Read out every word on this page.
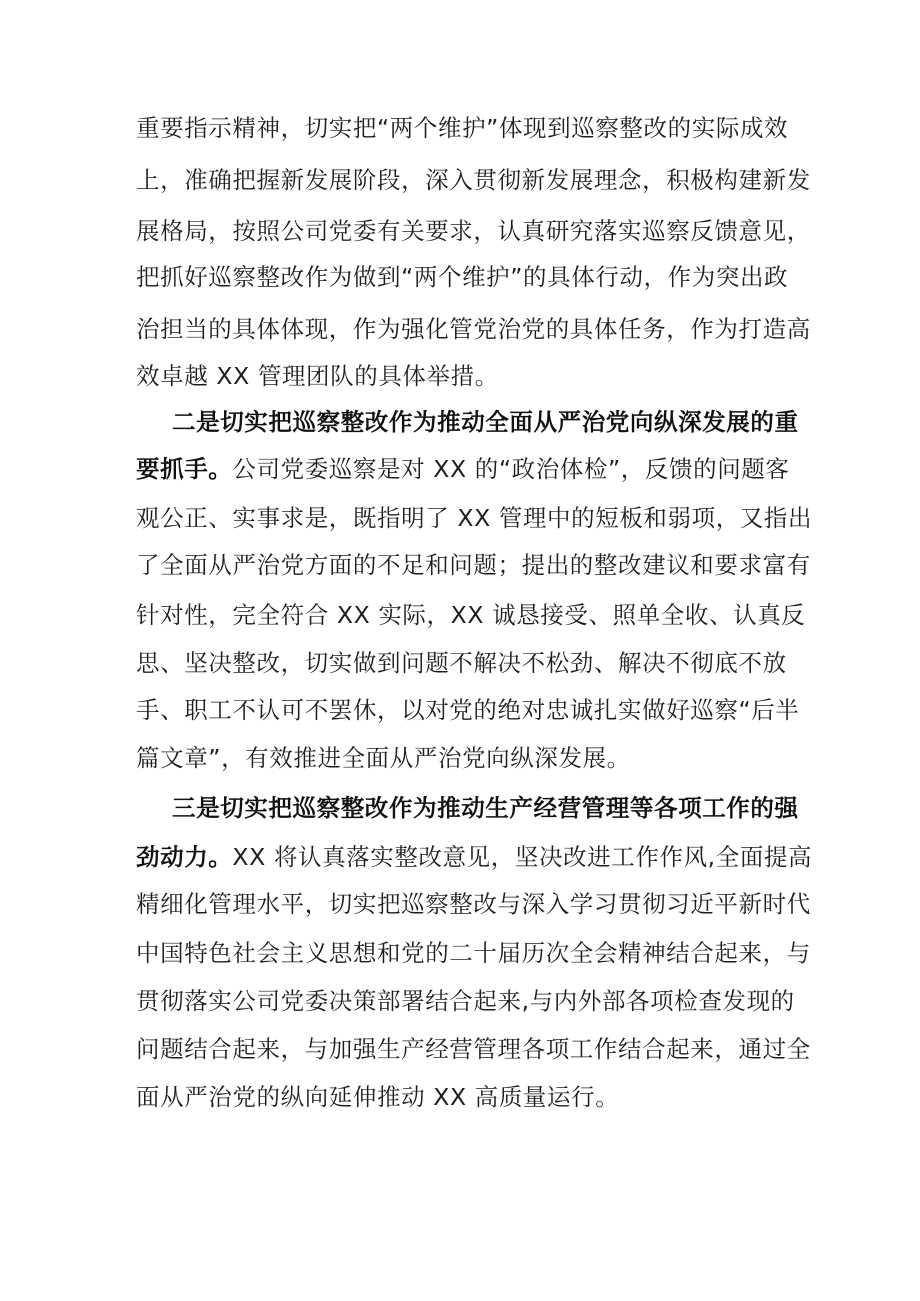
重要指示精神，切实把“两个维护”体现到巡察整改的实际成效
上，准确把握新发展阶段，深入贯彻新发展理念，积极构建新发
展格局，按照公司党委有关要求，认真研究落实巡察反馈意见，
把抓好巡察整改作为做到“两个维护”的具体行动，作为突出政
治担当的具体体现，作为强化管党治党的具体任务，作为打造高
效卓越 XX 管理团队的具体举措。
二是切实把巡察整改作为推动全面从严治党向纵深发展的重
要抓手。公司党委巡察是对 XX 的“政治体检”，反馈的问题客
观公正、实事求是，既指明了 XX 管理中的短板和弱项，又指出
了全面从严治党方面的不足和问题；提出的整改建议和要求富有
针对性，完全符合 XX 实际，XX 诚恳接受、照单全收、认真反
思、坚决整改，切实做到问题不解决不松劲、解决不彻底不放
手、职工不认可不罢休，以对党的绝对忠诚扎实做好巡察“后半
篇文章”，有效推进全面从严治党向纵深发展。
三是切实把巡察整改作为推动生产经营管理等各项工作的强
劲动力。XX 将认真落实整改意见，坚决改进工作作风,全面提高
精细化管理水平，切实把巡察整改与深入学习贯彻习近平新时代
中国特色社会主义思想和党的二十届历次全会精神结合起来，与
贯彻落实公司党委决策部署结合起来,与内外部各项检查发现的
问题结合起来，与加强生产经营管理各项工作结合起来，通过全
面从严治党的纵向延伸推动 XX 高质量运行。
